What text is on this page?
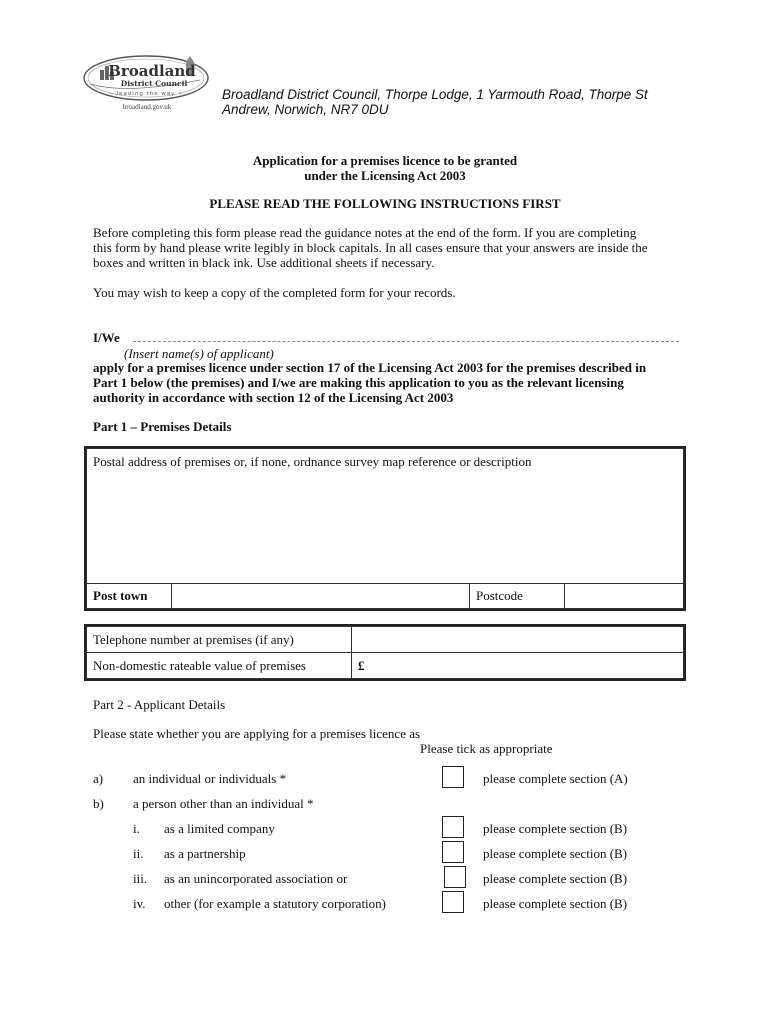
Broadland
District Council
~ leading the way ~
broadland.gov.uk
Broadland District Council, Thorpe Lodge, 1 Yarmouth Road, Thorpe St
Andrew, Norwich, NR7 0DU
Application for a premises licence to be granted
under the Licensing Act 2003
PLEASE READ THE FOLLOWING INSTRUCTIONS FIRST
Before completing this form please read the guidance notes at the end of the form. If you are completing
this form by hand please write legibly in block capitals. In all cases ensure that your answers are inside the
boxes and written in black ink. Use additional sheets if necessary.
You may wish to keep a copy of the completed form for your records.
I/We
(Insert name(s) of applicant)
apply for a premises licence under section 17 of the Licensing Act 2003 for the premises described in
Part 1 below (the premises) and I/we are making this application to you as the relevant licensing
authority in accordance with section 12 of the Licensing Act 2003
Part 1 – Premises Details
Postal address of premises or, if none, ordnance survey map reference or description

Post town		Postcode	
Telephone number at premises (if any)	
Non-domestic rateable value of premises	£
Part 2 - Applicant Details
Please state whether you are applying for a premises licence as
Please tick as appropriate
a) an individual or individuals *	please complete section (A)
b) a person other than an individual *
i. as a limited company	please complete section (B)
ii. as a partnership	please complete section (B)
iii. as an unincorporated association or	please complete section (B)
iv. other (for example a statutory corporation)	please complete section (B)
